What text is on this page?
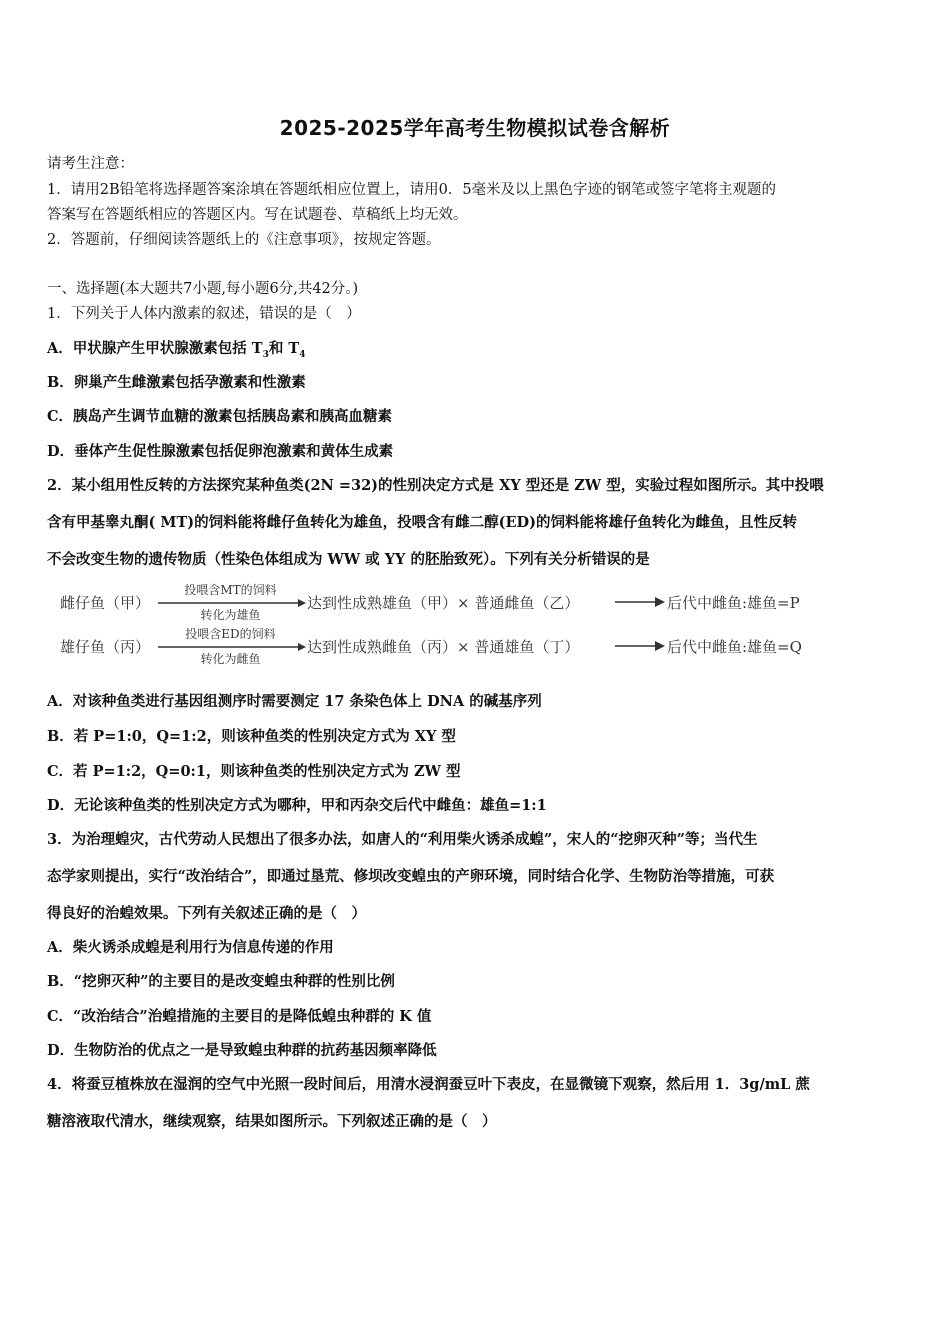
2025-2025学年高考生物模拟试卷含解析
请考生注意：
1．请用2B铅笔将选择题答案涂填在答题纸相应位置上，请用0．5毫米及以上黑色字迹的钢笔或签字笔将主观题的
答案写在答题纸相应的答题区内。写在试题卷、草稿纸上均无效。
2．答题前，仔细阅读答题纸上的《注意事项》，按规定答题。
一、选择题(本大题共7小题,每小题6分,共42分。)
1．下列关于人体内激素的叙述，错误的是（　）
A．甲状腺产生甲状腺激素包括 $T_3$和 $T_4$
B．卵巢产生雌激素包括孕激素和性激素
C．胰岛产生调节血糖的激素包括胰岛素和胰高血糖素
D．垂体产生促性腺激素包括促卵泡激素和黄体生成素
2．某小组用性反转的方法探究某种鱼类(2N =32)的性别决定方式是 XY 型还是 ZW 型，实验过程如图所示。其中投喂
含有甲基睾丸酮( MT)的饲料能将雌仔鱼转化为雄鱼，投喂含有雌二醇(ED)的饲料能将雄仔鱼转化为雌鱼，且性反转
不会改变生物的遗传物质（性染色体组成为 WW 或 YY 的胚胎致死）。下列有关分析错误的是
雌仔鱼（甲）
投喂含MT的饲料
转化为雄鱼
达到性成熟雄鱼（甲）× 普通雌鱼（乙）	后代中雌鱼:雄鱼=P
雄仔鱼（丙）
投喂含ED的饲料
转化为雌鱼
达到性成熟雌鱼（丙）× 普通雄鱼（丁）	后代中雌鱼:雄鱼=Q
A．对该种鱼类进行基因组测序时需要测定 17 条染色体上 DNA 的碱基序列
B．若 P=1:0，Q=1:2，则该种鱼类的性别决定方式为 XY 型
C．若 P=1:2，Q=0:1，则该种鱼类的性别决定方式为 ZW 型
D．无论该种鱼类的性别决定方式为哪种，甲和丙杂交后代中雌鱼：雄鱼=1:1
3．为治理蝗灾，古代劳动人民想出了很多办法，如唐人的“利用柴火诱杀成蝗”，宋人的“挖卵灭种”等；当代生
态学家则提出，实行“改治结合”，即通过垦荒、修坝改变蝗虫的产卵环境，同时结合化学、生物防治等措施，可获
得良好的治蝗效果。下列有关叙述正确的是（　）
A．柴火诱杀成蝗是利用行为信息传递的作用
B．“挖卵灭种”的主要目的是改变蝗虫种群的性别比例
C．“改治结合”治蝗措施的主要目的是降低蝗虫种群的 K 值
D．生物防治的优点之一是导致蝗虫种群的抗药基因频率降低
4．将蚕豆植株放在湿润的空气中光照一段时间后，用清水浸润蚕豆叶下表皮，在显微镜下观察，然后用 1．3g/mL 蔗
糖溶液取代清水，继续观察，结果如图所示。下列叙述正确的是（　）
